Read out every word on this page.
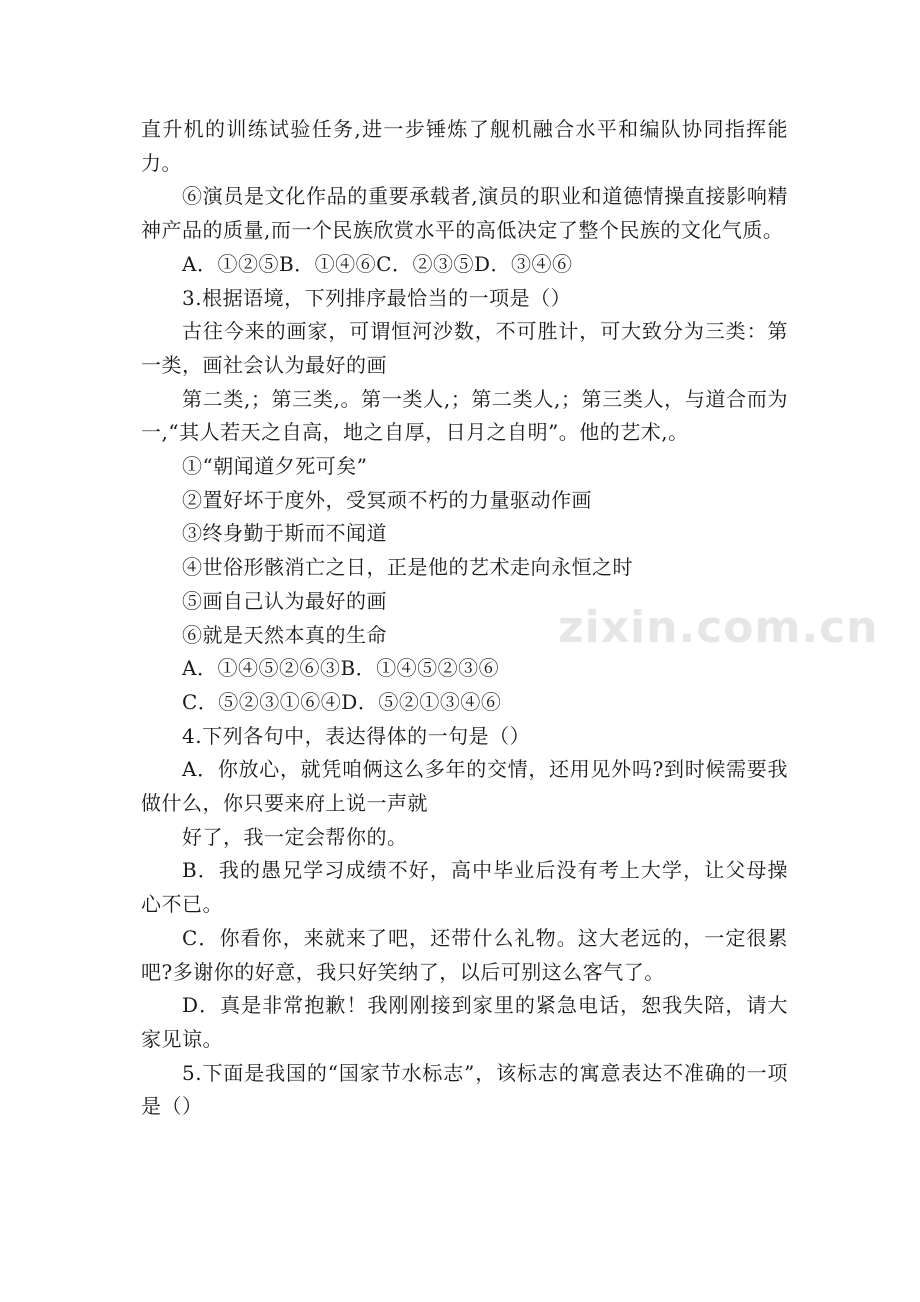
zixin.com.cn

直升机的训练试验任务,进一步锤炼了舰机融合水平和编队协同指挥能力。

⑥演员是文化作品的重要承载者,演员的职业和道德情操直接影响精神产品的质量,而一个民族欣赏水平的高低决定了整个民族的文化气质。

A．①②⑤B．①④⑥C．②③⑤D．③④⑥

3.根据语境，下列排序最恰当的一项是（）

古往今来的画家，可谓恒河沙数，不可胜计，可大致分为三类：第一类，画社会认为最好的画

第二类,；第三类,。第一类人,；第二类人,；第三类人，与道合而为一,“其人若天之自高，地之自厚，日月之自明”。他的艺术,。

①“朝闻道夕死可矣”

②置好坏于度外，受冥顽不朽的力量驱动作画

③终身勤于斯而不闻道

④世俗形骸消亡之日，正是他的艺术走向永恒之时

⑤画自己认为最好的画

⑥就是天然本真的生命

A．①④⑤②⑥③B．①④⑤②③⑥

C．⑤②③①⑥④D．⑤②①③④⑥

4.下列各句中，表达得体的一句是（）

A．你放心，就凭咱俩这么多年的交情，还用见外吗?到时候需要我做什么，你只要来府上说一声就

好了，我一定会帮你的。

B．我的愚兄学习成绩不好，高中毕业后没有考上大学，让父母操心不已。

C．你看你，来就来了吧，还带什么礼物。这大老远的，一定很累吧?多谢你的好意，我只好笑纳了，以后可别这么客气了。

D．真是非常抱歉！我刚刚接到家里的紧急电话，恕我失陪，请大家见谅。

5.下面是我国的“国家节水标志”，该标志的寓意表达不准确的一项是（）
